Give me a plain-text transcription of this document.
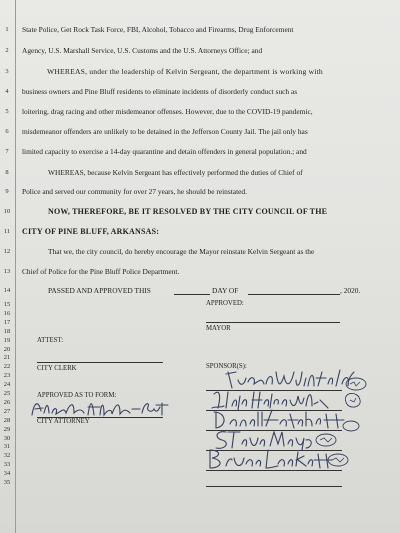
1
2
3
4
5
6
7
8
9
10
11
12
13
14
15
16
17
18
19
20
21
22
23
24
25
26
27
28
29
30
31
32
33
34
35
State Police, Get Rock Task Force, FBI, Alcohol, Tobacco and Firearms, Drug Enforcement
Agency, U.S. Marshall Service, U.S. Customs and the U.S. Attorneys Office; and
WHEREAS, under the leadership of Kelvin Sergeant, the department is working with
business owners and Pine Bluff residents to eliminate incidents of disorderly conduct such as
loitering, drag racing and other misdemeanor offenses. However, due to the COVID-19 pandemic,
misdemeanor offenders are unlikely to be detained in the Jefferson County Jail. The jail only has
limited capacity to exercise a 14-day quarantine and detain offenders in general population.; and
WHEREAS, because Kelvin Sergeant has effectively performed the duties of Chief of
Police and served our community for over 27 years, he should be reinstated.
NOW, THEREFORE, BE IT RESOLVED BY THE CITY COUNCIL OF THE
CITY OF PINE BLUFF, ARKANSAS:
That we, the city council, do hereby encourage the Mayor reinstate Kelvin Sergeant as the
Chief of Police for the Pine Bluff Police Department.
PASSED AND APPROVED THIS	DAY OF	, 2020.
APPROVED:
MAYOR
ATTEST:
CITY CLERK	SPONSOR(S):
APPROVED AS TO FORM:
CITY ATTORNEY
